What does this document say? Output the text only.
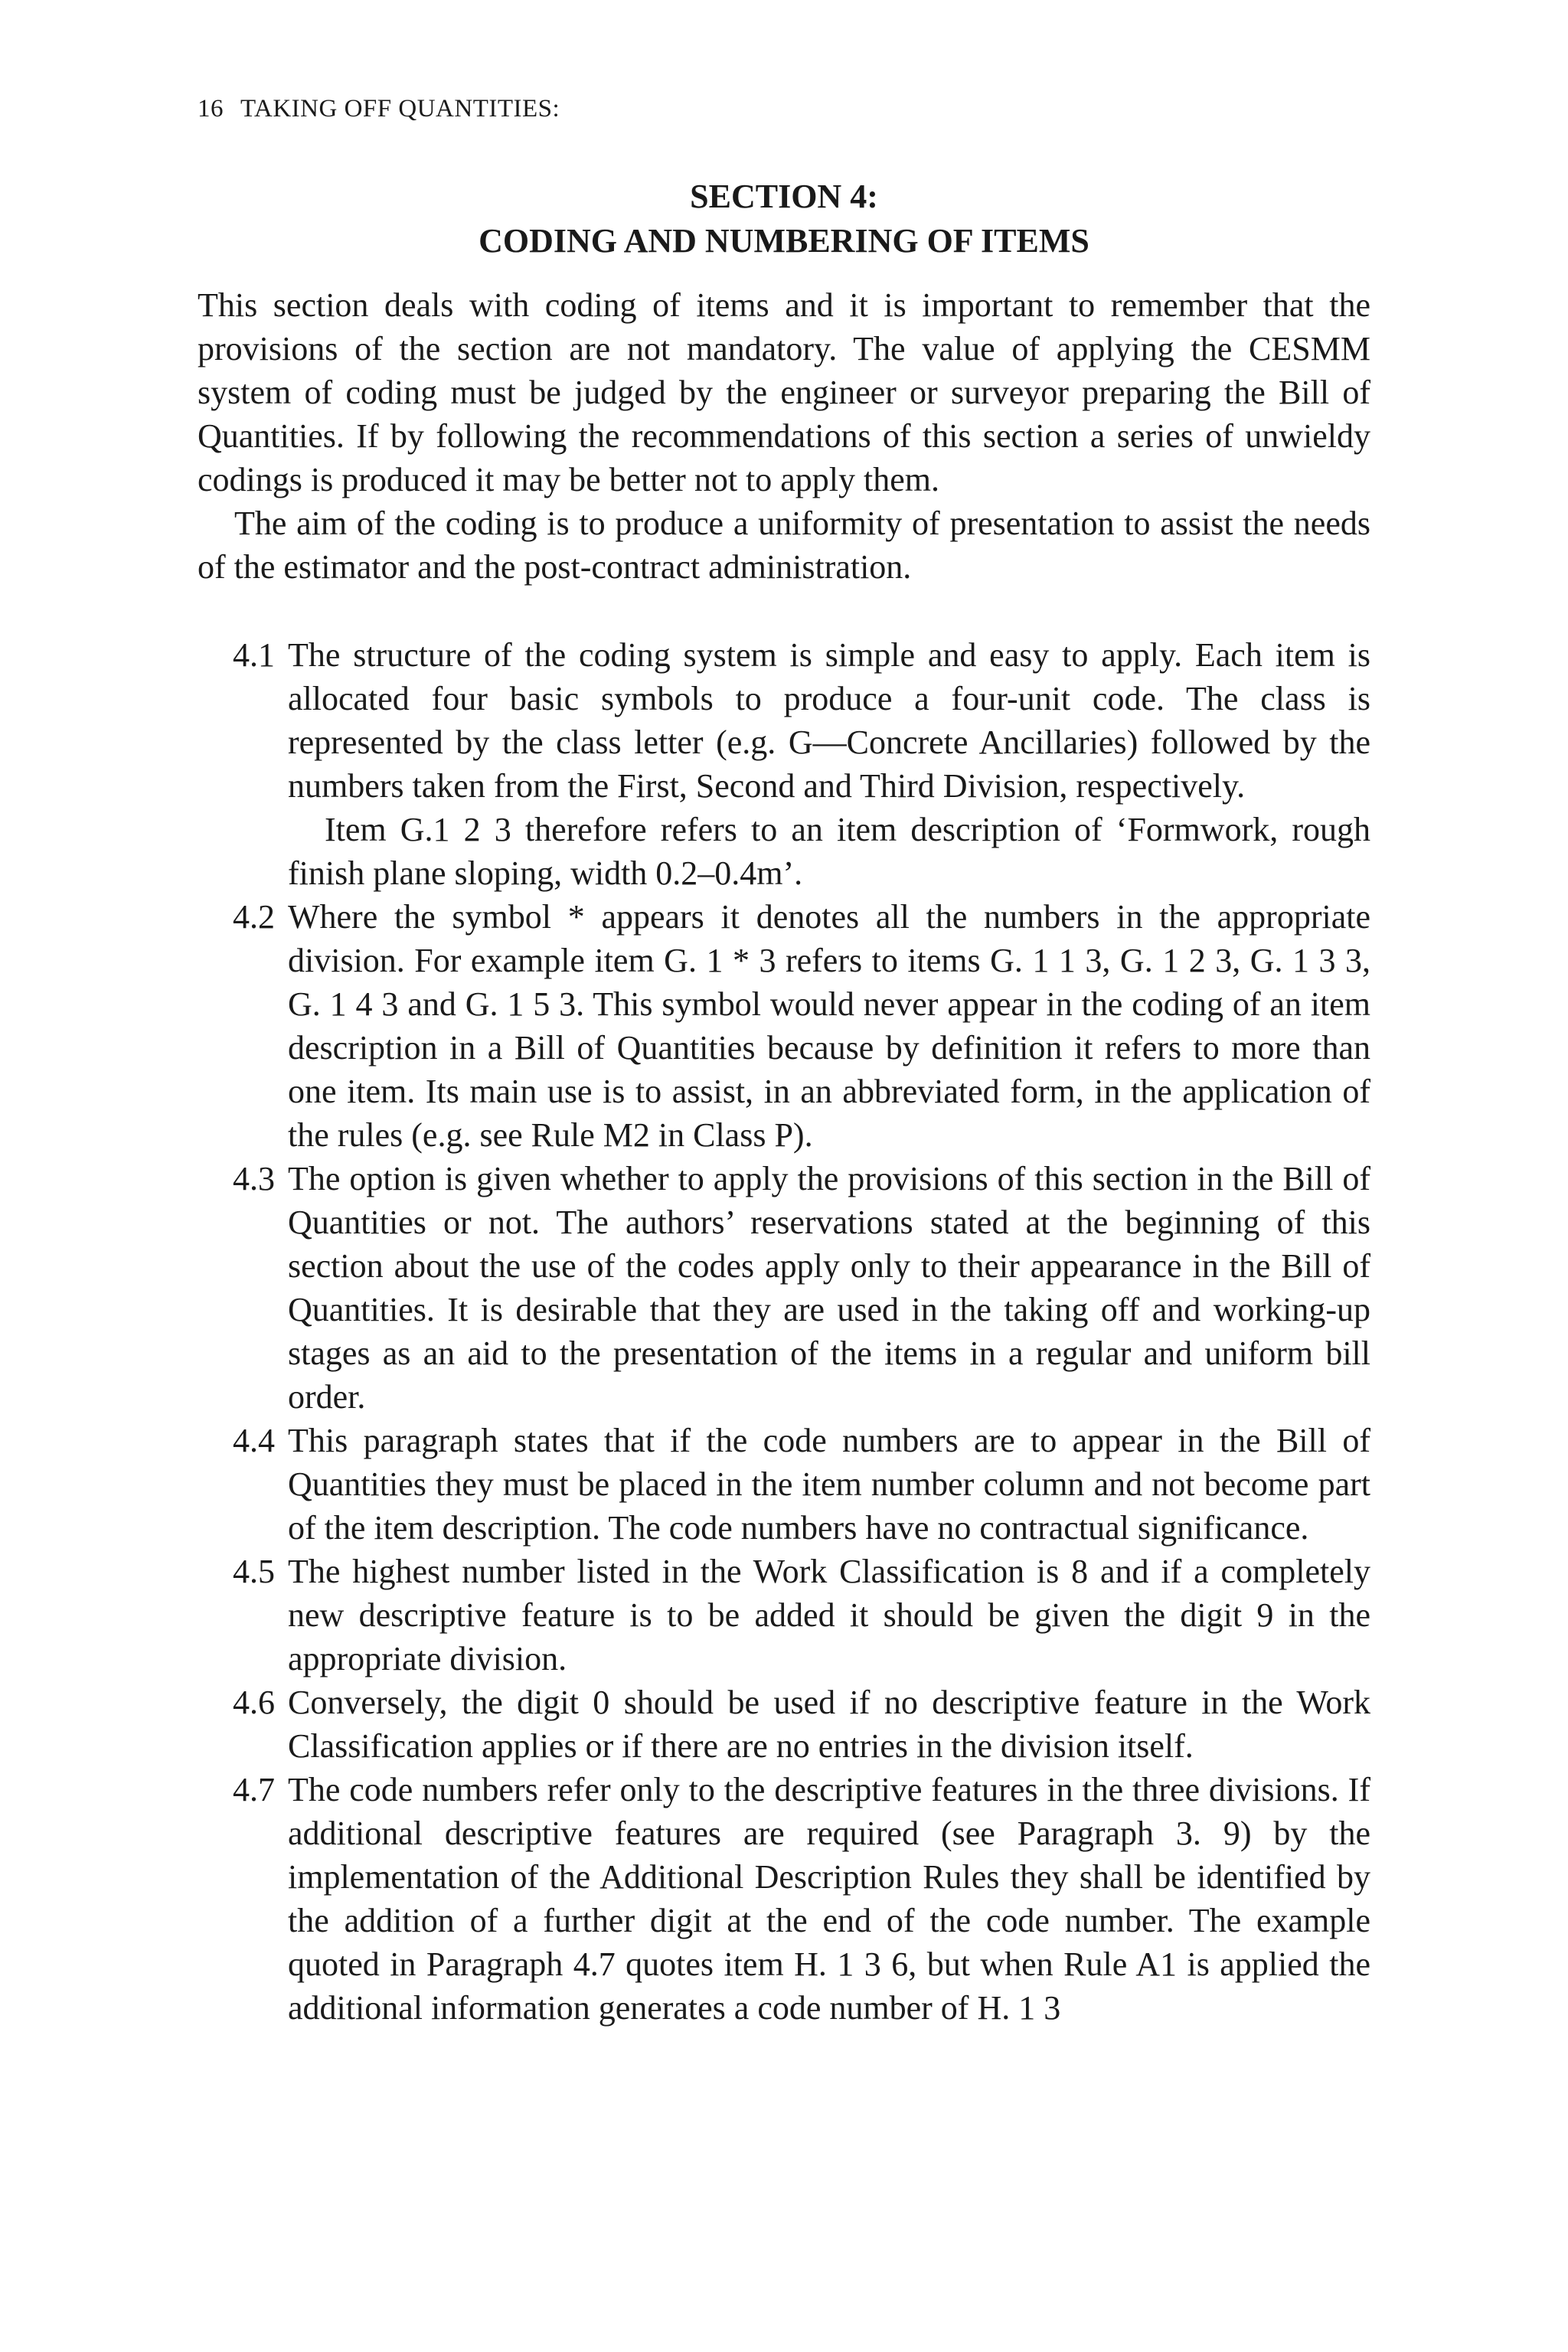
16 TAKING OFF QUANTITIES:
SECTION 4:
CODING AND NUMBERING OF ITEMS

This section deals with coding of items and it is important to remember that the provisions of the section are not mandatory. The value of applying the CESMM system of coding must be judged by the engineer or surveyor preparing the Bill of Quantities. If by following the recommendations of this section a series of unwieldy codings is produced it may be better not to apply them.

The aim of the coding is to produce a uniformity of presentation to assist the needs of the estimator and the post-contract administration.

4.1 The structure of the coding system is simple and easy to apply. Each item is allocated four basic symbols to produce a four-unit code. The class is represented by the class letter (e.g. G—Concrete Ancillaries) followed by the numbers taken from the First, Second and Third Division, respectively.

Item G.1 2 3 therefore refers to an item description of ‘Formwork, rough finish plane sloping, width 0.2–0.4m’.

4.2 Where the symbol * appears it denotes all the numbers in the appropriate division. For example item G. 1 * 3 refers to items G. 1 1 3, G. 1 2 3, G. 1 3 3, G. 1 4 3 and G. 1 5 3. This symbol would never appear in the coding of an item description in a Bill of Quantities because by definition it refers to more than one item. Its main use is to assist, in an abbreviated form, in the application of the rules (e.g. see Rule M2 in Class P).

4.3 The option is given whether to apply the provisions of this section in the Bill of Quantities or not. The authors’ reservations stated at the beginning of this section about the use of the codes apply only to their appearance in the Bill of Quantities. It is desirable that they are used in the taking off and working-up stages as an aid to the presentation of the items in a regular and uniform bill order.

4.4 This paragraph states that if the code numbers are to appear in the Bill of Quantities they must be placed in the item number column and not become part of the item description. The code numbers have no contractual significance.

4.5 The highest number listed in the Work Classification is 8 and if a completely new descriptive feature is to be added it should be given the digit 9 in the appropriate division.

4.6 Conversely, the digit 0 should be used if no descriptive feature in the Work Classification applies or if there are no entries in the division itself.

4.7 The code numbers refer only to the descriptive features in the three divisions. If additional descriptive features are required (see Paragraph 3. 9) by the implementation of the Additional Description Rules they shall be identified by the addition of a further digit at the end of the code number. The example quoted in Paragraph 4.7 quotes item H. 1 3 6, but when Rule A1 is applied the additional information generates a code number of H. 1 3
